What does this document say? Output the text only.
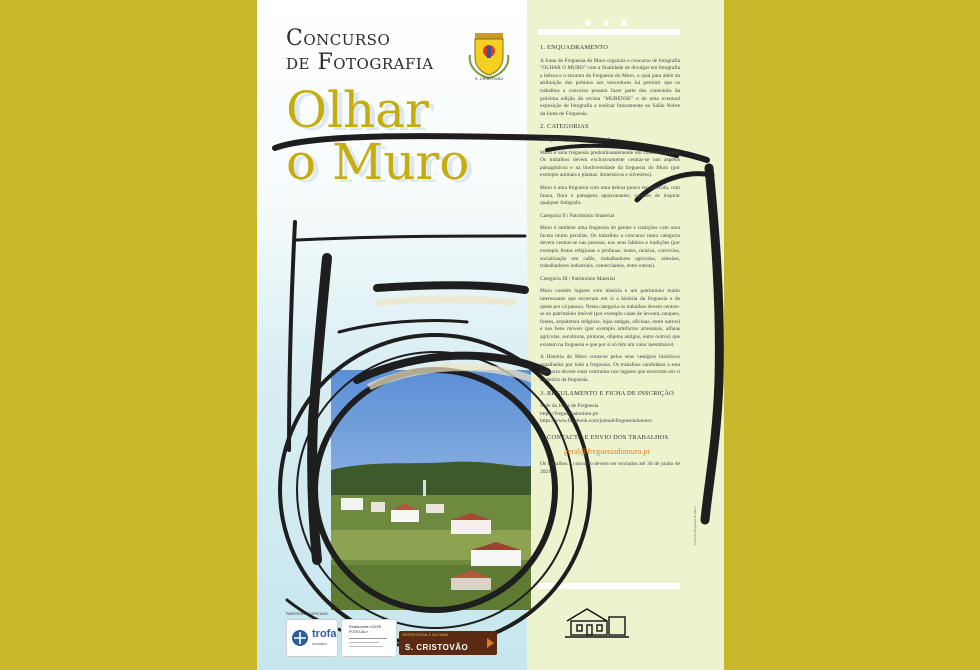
Concurso
de Fotografia
S. CRISTOVÃO
Olhar
o Muro
1. ENQUADRAMENTO

A Junta de Freguesia do Muro organiza o concurso de fotografia "OLHAR O MURO" com a finalidade de divulgar em fotografia a beleza e o encanto da Freguesia do Muro, o qual para além da atribuição dos prémios aos vencedores irá permitir que os trabalhos a concurso possam fazer parte dos conteúdos da próxima edição da revista "MURENSE" e de uma eventual exposição de fotografia a realizar futuramente no Salão Nobre da Junta de Freguesia.

2. CATEGORIAS

Categoria I | Património Natural

Muro é uma freguesia predominantemente em contexto natural. Os trabalhos devem exclusivamente centrar-se nos aspetos paisagísticos e na biodiversidade da freguesia do Muro (por exemplo animais e plantas, domésticos e silvestres).

Muro é uma freguesia com uma beleza pouco reconhecida, com fauna, flora e paisagens apaixonantes, capazes de inspirar qualquer fotógrafo.

Categoria II | Património Imaterial

Muro é também uma freguesia de gentes e tradições com uma faceta muito peculiar. Os trabalhos a concurso nesta categoria devem centrar-se nas pessoas, nos seus hábitos e tradições (por exemplo festas religiosas e profanas, teatro, música, convívios, socialização em cafés, trabalhadores agrícolas, artesãos, trabalhadores industriais, comerciantes, entre outros).

Categoria III | Património Material

Muro contém lugares com história e um património muito interessante que encerram em si a história da freguesia e de quem por cá passou. Nesta categoria os trabalhos devem centrar-se no património imóvel (por exemplo casas de lavoura, tanques, fontes, arquitetura religiosa, lojas antigas, oficinas, entre outros) e nos bens móveis (por exemplo artefactos artesanais, alfaias agrícolas, esculturas, pinturas, objetos antigos, entre outros) que existem na freguesia e que por si só têm um valor inestimável.

A História do Muro conta-se pelos seus vestígios históricos espalhados por toda a freguesia. Os trabalhos candidatos a esta categoria devem estar centrados nos lugares que encerram em si a história da freguesia.

3. REGULAMENTO E FICHA DE INSCRIÇÃO

Sede da Junta de Freguesia

https://freguesiadomuro.pt/

https://www.facebook.com/juntadefreguesiadomuro

4. CONTACTO E ENVIO DOS TRABALHOS
geral@freguesiadomuro.pt

Os trabalhos a concurso devem ser enviados até 30 de junho de 2021.

Junta de Freguesia do Muro
PARCEIROS OFICIAIS:
trofa
município
Restaurante «CAFÉ PONTUAL»
CENTRO SOCIAL E CULTURAL
S. CRISTOVÃO
